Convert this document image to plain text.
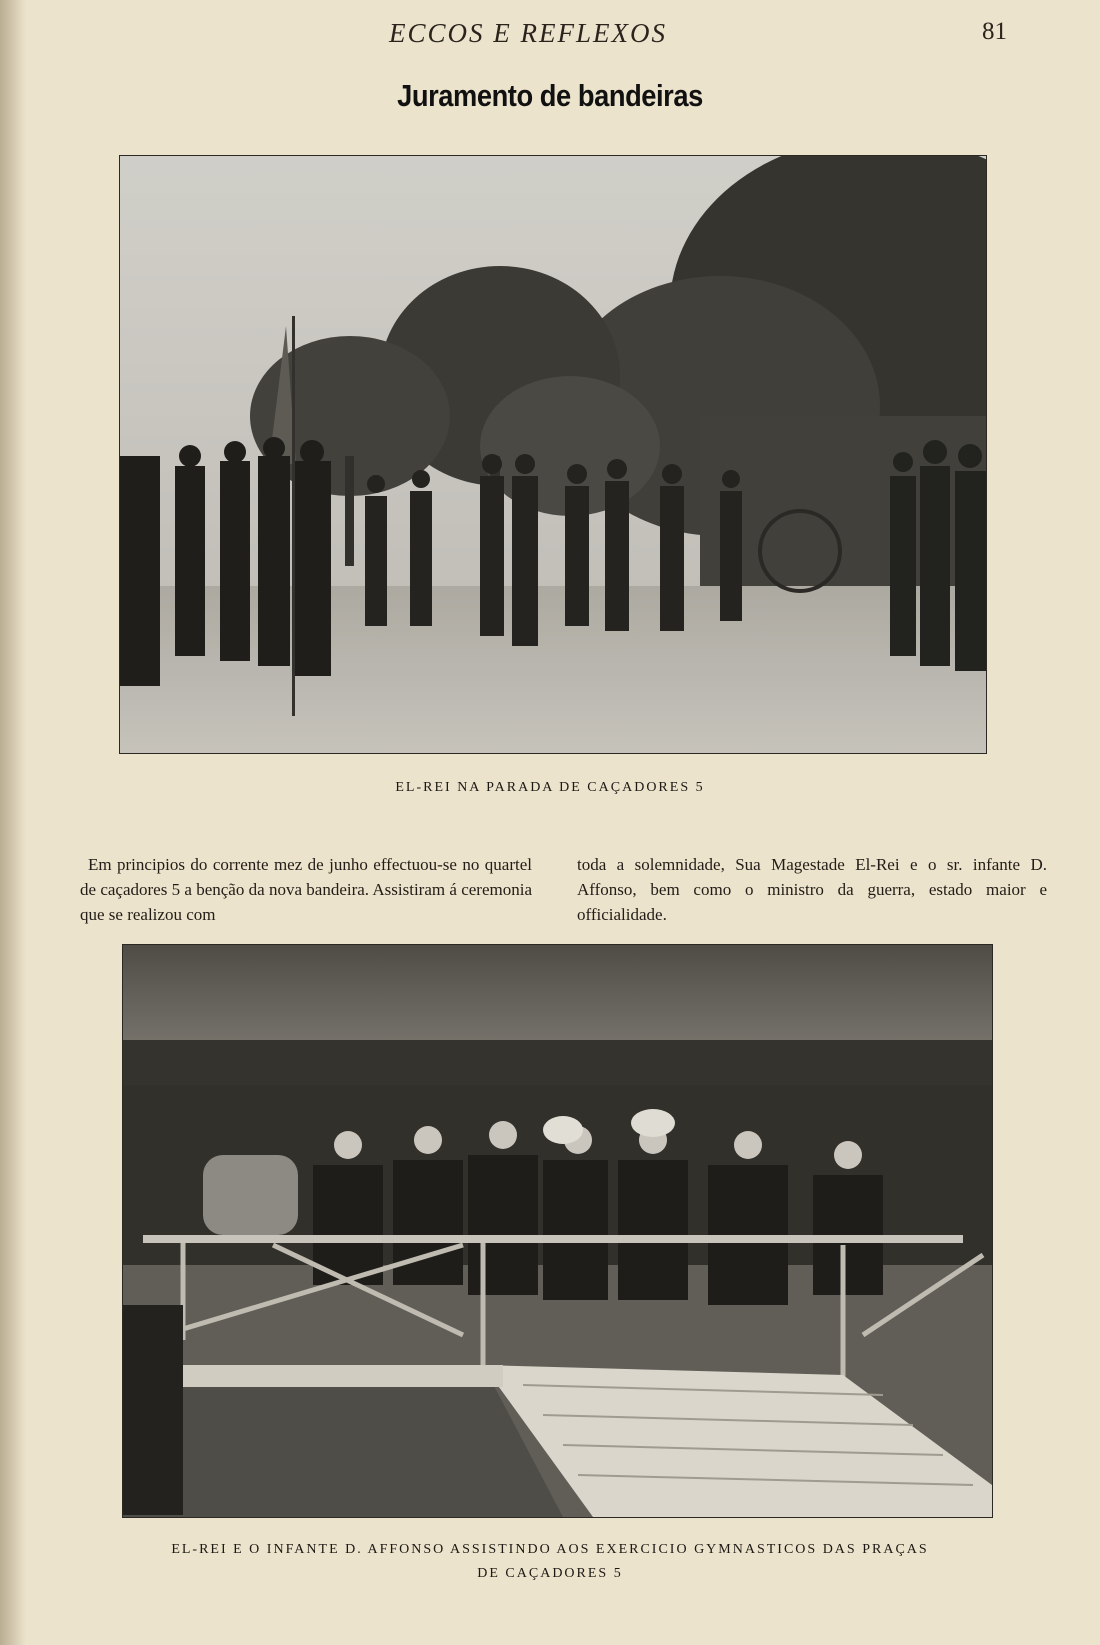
ECCOS E REFLEXOS	81
Juramento de bandeiras
EL-REI NA PARADA DE CAÇADORES 5

Em principios do corrente mez de junho effectuou-se no quartel de caçadores 5 a benção da nova bandeira. Assistiram á ceremonia que se realizou com

toda a solemnidade, Sua Magestade El-Rei e o sr. infante D. Affonso, bem como o ministro da guerra, estado maior e officialidade.

EL-REI E O INFANTE D. AFFONSO ASSISTINDO AOS EXERCICIO GYMNASTICOS DAS PRAÇAS
DE CAÇADORES 5
